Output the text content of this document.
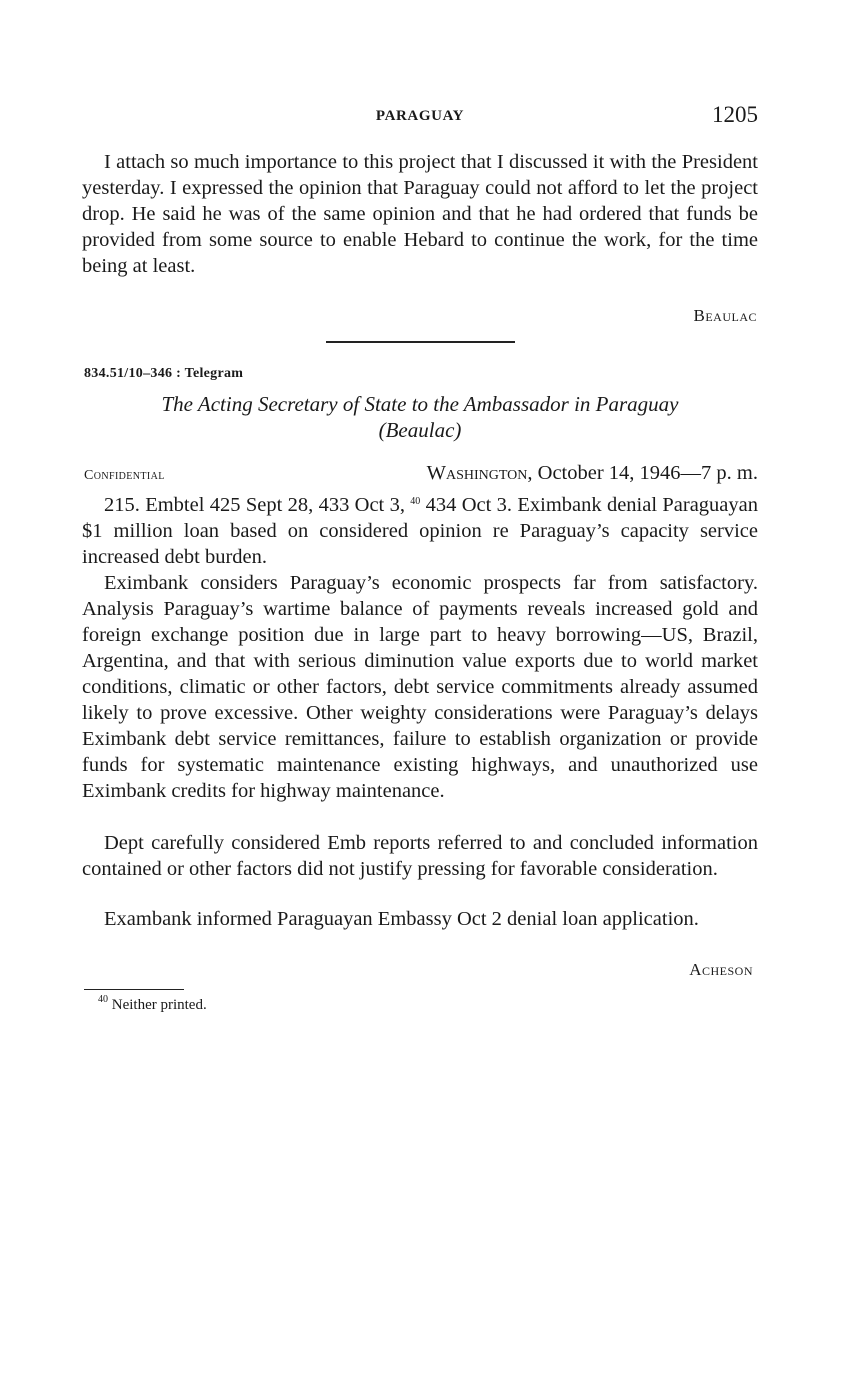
PARAGUAY	1205

I attach so much importance to this project that I discussed it with the President yesterday. I expressed the opinion that Paraguay could not afford to let the project drop. He said he was of the same opinion and that he had ordered that funds be provided from some source to enable Hebard to continue the work, for the time being at least.

Beaulac

834.51/10–346 : Telegram

The Acting Secretary of State to the Ambassador in Paraguay
(Beaulac)

Confidential	Washington, October 14, 1946—7 p. m.

215. Embtel 425 Sept 28, 433 Oct 3, $^{40}$ 434 Oct 3. Eximbank denial Paraguayan $1 million loan based on considered opinion re Paraguay’s capacity service increased debt burden.

Eximbank considers Paraguay’s economic prospects far from satisfactory. Analysis Paraguay’s wartime balance of payments reveals increased gold and foreign exchange position due in large part to heavy borrowing—US, Brazil, Argentina, and that with serious diminution value exports due to world market conditions, climatic or other factors, debt service commitments already assumed likely to prove excessive. Other weighty considerations were Paraguay’s delays Eximbank debt service remittances, failure to establish organization or provide funds for systematic maintenance existing highways, and unauthorized use Eximbank credits for highway maintenance.

Dept carefully considered Emb reports referred to and concluded information contained or other factors did not justify pressing for favorable consideration.

Exambank informed Paraguayan Embassy Oct 2 denial loan application.

Acheson

$^{40}$ Neither printed.
